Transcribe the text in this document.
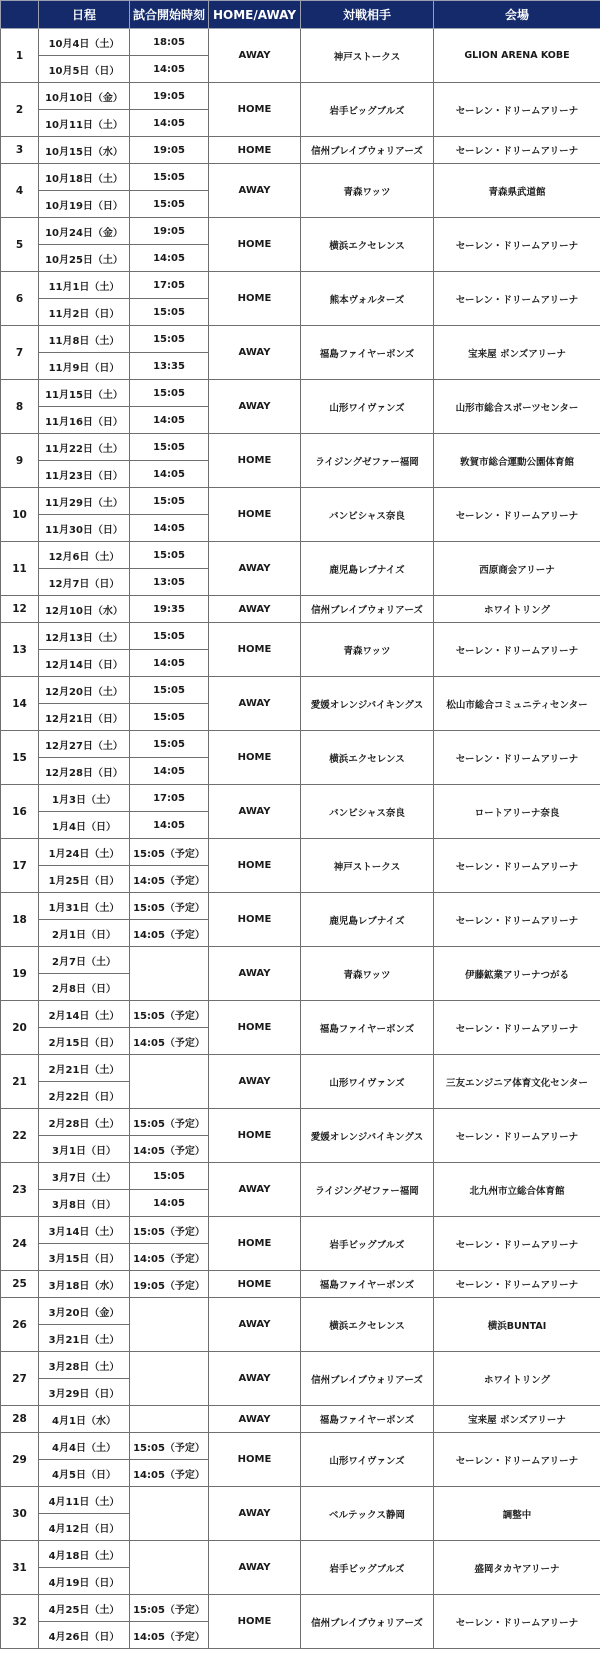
	日程	試合開始時刻	HOME/AWAY	対戦相手	会場
1	10月4日（土）	18:05	AWAY	神戸ストークス	GLION ARENA KOBE
	10月5日（日）	14:05			
2	10月10日（金）	19:05	HOME	岩手ビッグブルズ	セーレン・ドリームアリーナ
	10月11日（土）	14:05			
3	10月15日（水）	19:05	HOME	信州ブレイブウォリアーズ	セーレン・ドリームアリーナ
4	10月18日（土）	15:05	AWAY	青森ワッツ	青森県武道館
	10月19日（日）	15:05			
5	10月24日（金）	19:05	HOME	横浜エクセレンス	セーレン・ドリームアリーナ
	10月25日（土）	14:05			
6	11月1日（土）	17:05	HOME	熊本ヴォルターズ	セーレン・ドリームアリーナ
	11月2日（日）	15:05			
7	11月8日（土）	15:05	AWAY	福島ファイヤーボンズ	宝来屋 ボンズアリーナ
	11月9日（日）	13:35			
8	11月15日（土）	15:05	AWAY	山形ワイヴァンズ	山形市総合スポーツセンター
	11月16日（日）	14:05			
9	11月22日（土）	15:05	HOME	ライジングゼファー福岡	敦賀市総合運動公園体育館
	11月23日（日）	14:05			
10	11月29日（土）	15:05	HOME	バンビシャス奈良	セーレン・ドリームアリーナ
	11月30日（日）	14:05			
11	12月6日（土）	15:05	AWAY	鹿児島レブナイズ	西原商会アリーナ
	12月7日（日）	13:05			
12	12月10日（水）	19:35	AWAY	信州ブレイブウォリアーズ	ホワイトリング
13	12月13日（土）	15:05	HOME	青森ワッツ	セーレン・ドリームアリーナ
	12月14日（日）	14:05			
14	12月20日（土）	15:05	AWAY	愛媛オレンジバイキングス	松山市総合コミュニティセンター
	12月21日（日）	15:05			
15	12月27日（土）	15:05	HOME	横浜エクセレンス	セーレン・ドリームアリーナ
	12月28日（日）	14:05			
16	1月3日（土）	17:05	AWAY	バンビシャス奈良	ロートアリーナ奈良
	1月4日（日）	14:05			
17	1月24日（土）	15:05（予定）	HOME	神戸ストークス	セーレン・ドリームアリーナ
	1月25日（日）	14:05（予定）			
18	1月31日（土）	15:05（予定）	HOME	鹿児島レブナイズ	セーレン・ドリームアリーナ
	2月1日（日）	14:05（予定）			
19	2月7日（土）		AWAY	青森ワッツ	伊藤鉱業アリーナつがる
	2月8日（日）				
20	2月14日（土）	15:05（予定）	HOME	福島ファイヤーボンズ	セーレン・ドリームアリーナ
	2月15日（日）	14:05（予定）			
21	2月21日（土）		AWAY	山形ワイヴァンズ	三友エンジニア体育文化センター
	2月22日（日）				
22	2月28日（土）	15:05（予定）	HOME	愛媛オレンジバイキングス	セーレン・ドリームアリーナ
	3月1日（日）	14:05（予定）			
23	3月7日（土）	15:05	AWAY	ライジングゼファー福岡	北九州市立総合体育館
	3月8日（日）	14:05			
24	3月14日（土）	15:05（予定）	HOME	岩手ビッグブルズ	セーレン・ドリームアリーナ
	3月15日（日）	14:05（予定）			
25	3月18日（水）	19:05（予定）	HOME	福島ファイヤーボンズ	セーレン・ドリームアリーナ
26	3月20日（金）		AWAY	横浜エクセレンス	横浜BUNTAI
	3月21日（土）				
27	3月28日（土）		AWAY	信州ブレイブウォリアーズ	ホワイトリング
	3月29日（日）				
28	4月1日（水）		AWAY	福島ファイヤーボンズ	宝来屋 ボンズアリーナ
29	4月4日（土）	15:05（予定）	HOME	山形ワイヴァンズ	セーレン・ドリームアリーナ
	4月5日（日）	14:05（予定）			
30	4月11日（土）		AWAY	ベルテックス静岡	調整中
	4月12日（日）				
31	4月18日（土）		AWAY	岩手ビッグブルズ	盛岡タカヤアリーナ
	4月19日（日）				
32	4月25日（土）	15:05（予定）	HOME	信州ブレイブウォリアーズ	セーレン・ドリームアリーナ
	4月26日（日）	14:05（予定）			
